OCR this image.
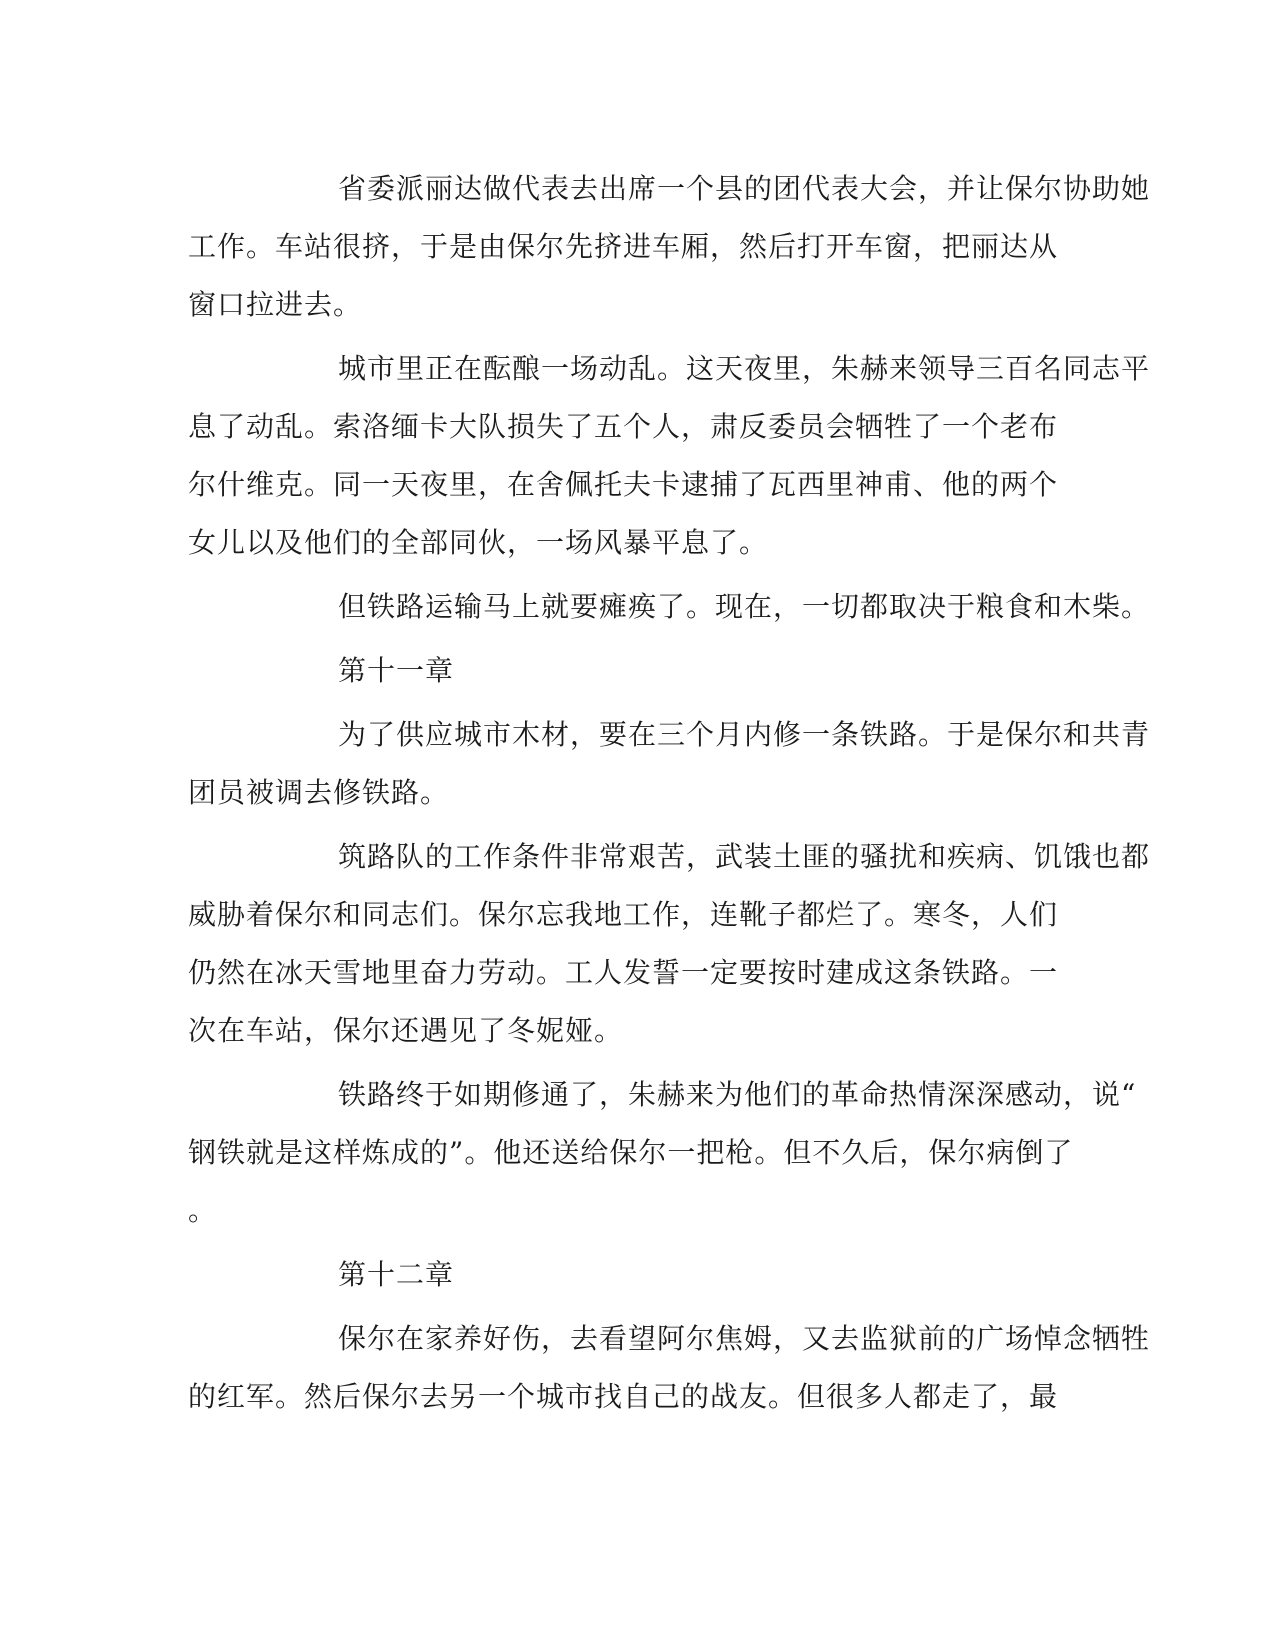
省委派丽达做代表去出席一个县的团代表大会，并让保尔协助她
工作。车站很挤，于是由保尔先挤进车厢，然后打开车窗，把丽达从
窗口拉进去。
城市里正在酝酿一场动乱。这天夜里，朱赫来领导三百名同志平
息了动乱。索洛缅卡大队损失了五个人，肃反委员会牺牲了一个老布
尔什维克。同一天夜里，在舍佩托夫卡逮捕了瓦西里神甫、他的两个
女儿以及他们的全部同伙，一场风暴平息了。
但铁路运输马上就要瘫痪了。现在，一切都取决于粮食和木柴。
第十一章
为了供应城市木材，要在三个月内修一条铁路。于是保尔和共青
团员被调去修铁路。
筑路队的工作条件非常艰苦，武装土匪的骚扰和疾病、饥饿也都
威胁着保尔和同志们。保尔忘我地工作，连靴子都烂了。寒冬，人们
仍然在冰天雪地里奋力劳动。工人发誓一定要按时建成这条铁路。一
次在车站，保尔还遇见了冬妮娅。
铁路终于如期修通了，朱赫来为他们的革命热情深深感动，说“
钢铁就是这样炼成的”。他还送给保尔一把枪。但不久后，保尔病倒了
。
第十二章
保尔在家养好伤，去看望阿尔焦姆，又去监狱前的广场悼念牺牲
的红军。然后保尔去另一个城市找自己的战友。但很多人都走了，最
